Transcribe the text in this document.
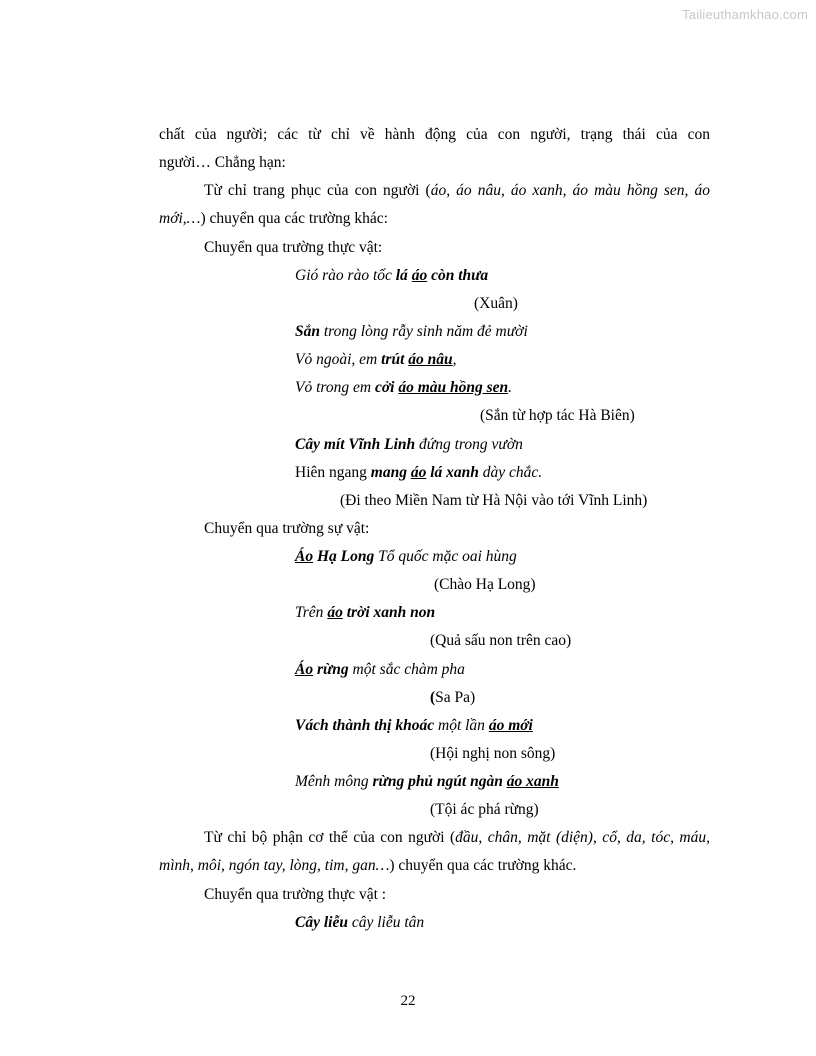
Tailieuthamkhao.com
chất của người; các từ chỉ về hành động của con người, trạng thái của con
người… Chẳng hạn:
Từ chỉ trang phục của con người (áo, áo nâu, áo xanh, áo màu hồng sen, áo
mới,…) chuyển qua các trường khác:
Chuyển qua trường thực vật:
Gió rào rào tốc lá áo còn thưa
(Xuân)
Sắn trong lòng rẫy sinh năm đẻ mười
Vỏ ngoài, em trút áo nâu,
Vỏ trong em cởi áo màu hồng sen.
(Sắn từ hợp tác Hà Biên)
Cây mít Vĩnh Linh đứng trong vườn
Hiên ngang mang áo lá xanh dày chắc.
(Đi theo Miền Nam từ Hà Nội vào tới Vĩnh Linh)
Chuyển qua trường sự vật:
Áo Hạ Long Tổ quốc mặc oai hùng
(Chào Hạ Long)
Trên áo trời xanh non
(Quả sấu non trên cao)
Áo rừng một sắc chàm pha
(Sa Pa)
Vách thành thị khoác một lần áo mới
(Hội nghị non sông)
Mênh mông rừng phủ ngút ngàn áo xanh
(Tội ác phá rừng)
Từ chỉ bộ phận cơ thể của con người (đầu, chân, mặt (diện), cổ, da, tóc, máu,
mình, môi, ngón tay, lòng, tim, gan…) chuyển qua các trường khác.
Chuyển qua trường thực vật :
Cây liễu cây liễu tân
22
